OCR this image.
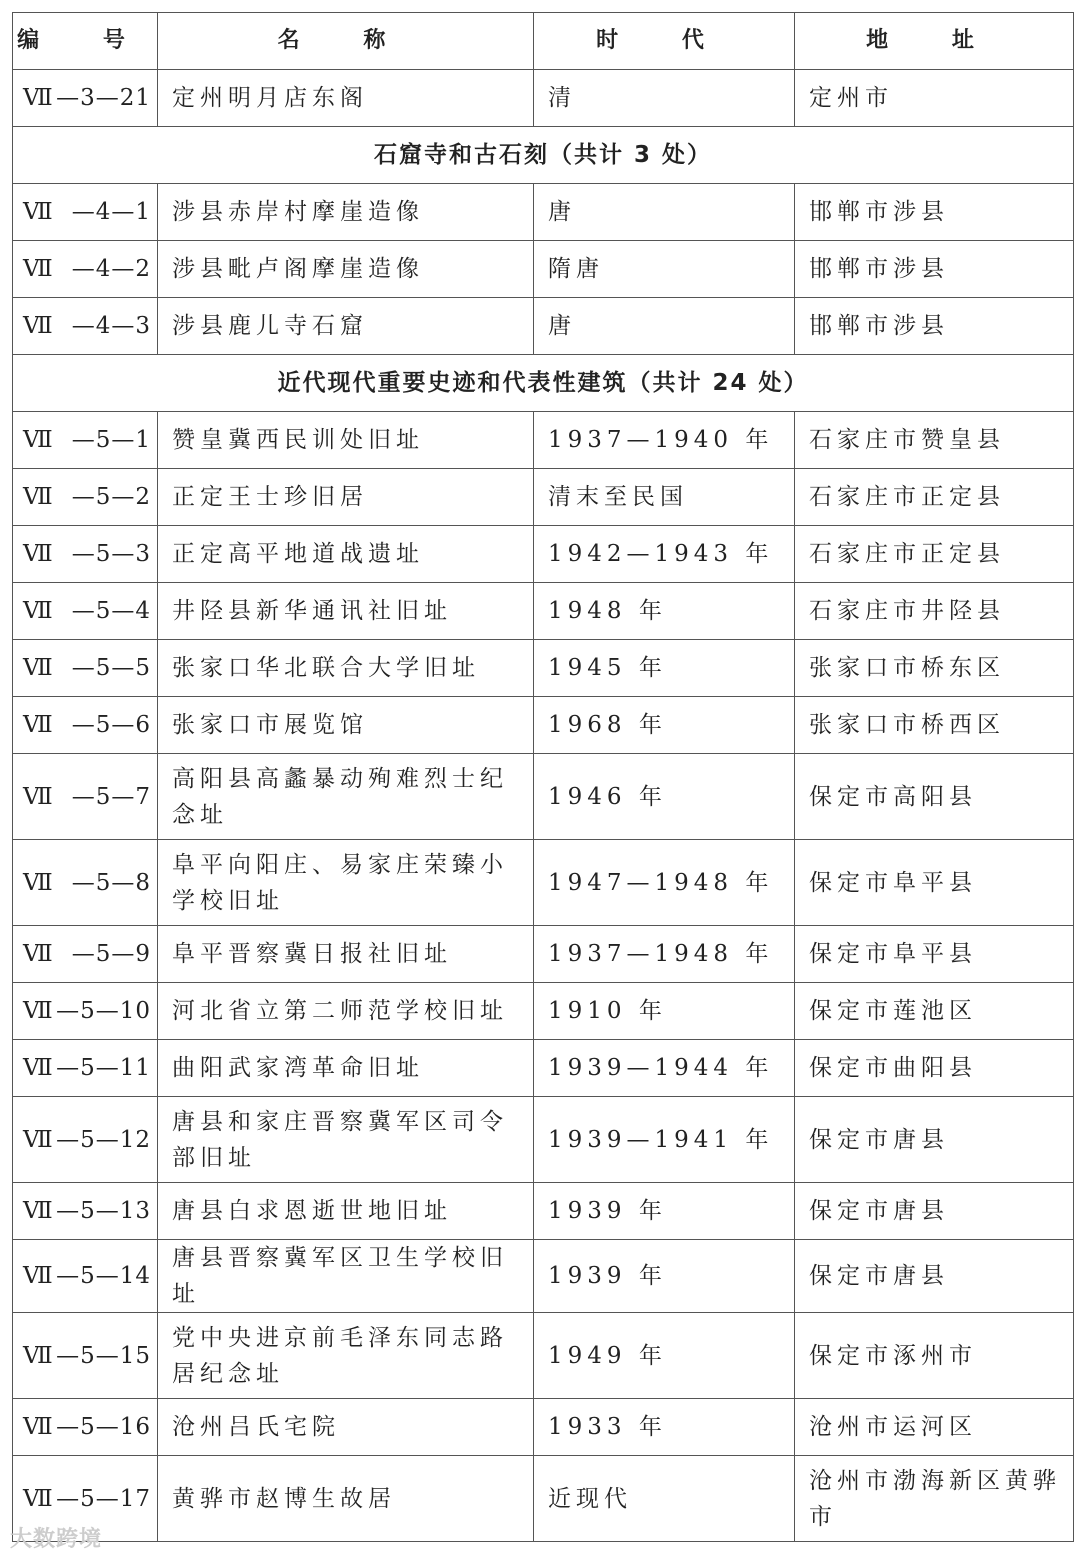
编 号	名 称	时 代	地 址
Ⅶ—3—21	定州明月店东阁	清	定州市
石窟寺和古石刻（共计 3 处）			
Ⅶ—4—1	涉县赤岸村摩崖造像	唐	邯郸市涉县
Ⅶ—4—2	涉县毗卢阁摩崖造像	隋唐	邯郸市涉县
Ⅶ—4—3	涉县鹿儿寺石窟	唐	邯郸市涉县
近代现代重要史迹和代表性建筑（共计 24 处）			
Ⅶ—5—1	赞皇冀西民训处旧址	1937—1940 年	石家庄市赞皇县
Ⅶ—5—2	正定王士珍旧居	清末至民国	石家庄市正定县
Ⅶ—5—3	正定高平地道战遗址	1942—1943 年	石家庄市正定县
Ⅶ—5—4	井陉县新华通讯社旧址	1948 年	石家庄市井陉县
Ⅶ—5—5	张家口华北联合大学旧址	1945 年	张家口市桥东区
Ⅶ—5—6	张家口市展览馆	1968 年	张家口市桥西区
Ⅶ—5—7	高阳县高蠡暴动殉难烈士纪念址	1946 年	保定市高阳县
Ⅶ—5—8	阜平向阳庄、易家庄荣臻小学校旧址	1947—1948 年	保定市阜平县
Ⅶ—5—9	阜平晋察冀日报社旧址	1937—1948 年	保定市阜平县
Ⅶ—5—10	河北省立第二师范学校旧址	1910 年	保定市莲池区
Ⅶ—5—11	曲阳武家湾革命旧址	1939—1944 年	保定市曲阳县
Ⅶ—5—12	唐县和家庄晋察冀军区司令部旧址	1939—1941 年	保定市唐县
Ⅶ—5—13	唐县白求恩逝世地旧址	1939 年	保定市唐县
Ⅶ—5—14	唐县晋察冀军区卫生学校旧址	1939 年	保定市唐县
Ⅶ—5—15	党中央进京前毛泽东同志路居纪念址	1949 年	保定市涿州市
Ⅶ—5—16	沧州吕氏宅院	1933 年	沧州市运河区
Ⅶ—5—17	黄骅市赵博生故居	近现代	沧州市渤海新区黄骅市
大数跨境
